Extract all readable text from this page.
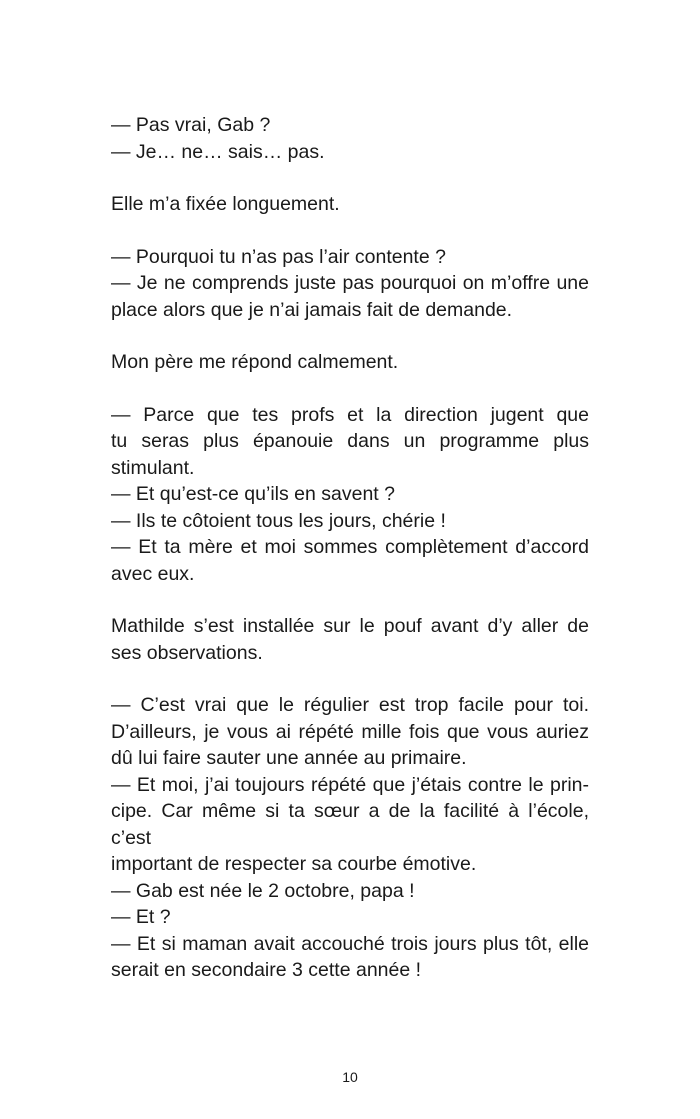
— Pas vrai, Gab ?
— Je… ne… sais… pas.
Elle m’a fixée longuement.
— Pourquoi tu n’as pas l’air contente ?
— Je ne comprends juste pas pourquoi on m’offre une
place alors que je n’ai jamais fait de demande.
Mon père me répond calmement.
— Parce que tes profs et la direction jugent que
tu seras plus épanouie dans un programme plus
stimulant.
— Et qu’est-ce qu’ils en savent ?
— Ils te côtoient tous les jours, chérie !
— Et ta mère et moi sommes complètement d’accord
avec eux.
Mathilde s’est installée sur le pouf avant d’y aller de
ses observations.
— C’est vrai que le régulier est trop facile pour toi.
D’ailleurs, je vous ai répété mille fois que vous auriez
dû lui faire sauter une année au primaire.
— Et moi, j’ai toujours répété que j’étais contre le prin-
cipe. Car même si ta sœur a de la facilité à l’école, c’est
important de respecter sa courbe émotive.
— Gab est née le 2 octobre, papa !
— Et ?
— Et si maman avait accouché trois jours plus tôt, elle
serait en secondaire 3 cette année !
10
